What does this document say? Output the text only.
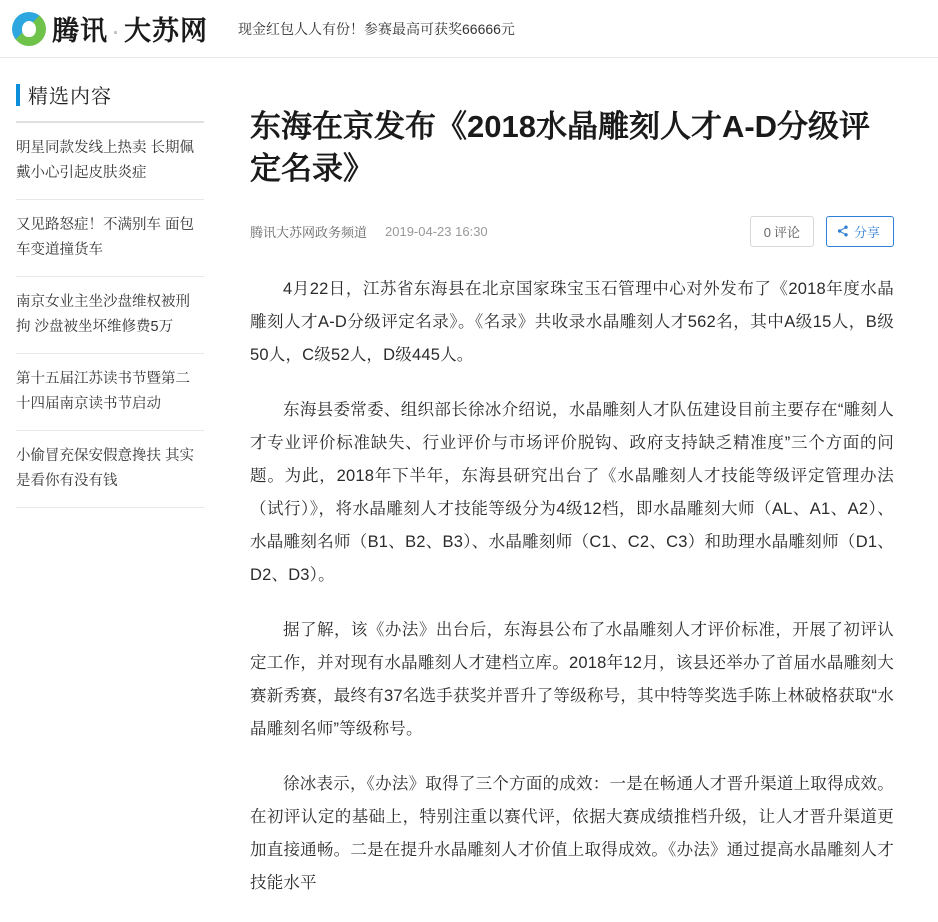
腾讯 · 大苏网 现金红包人人有份！参赛最高可获奖66666元
精选内容
明星同款发线上热卖 长期佩戴小心引起皮肤炎症
又见路怒症！不满别车 面包车变道撞货车
南京女业主坐沙盘维权被刑拘 沙盘被坐坏维修费5万
第十五届江苏读书节暨第二十四届南京读书节启动
小偷冒充保安假意搀扶 其实是看你有没有钱
东海在京发布《2018水晶雕刻人才A-D分级评定名录》
腾讯大苏网政务频道 2019-04-23 16:30	0 评论	分享

4月22日，江苏省东海县在北京国家珠宝玉石管理中心对外发布了《2018年度水晶雕刻人才A-D分级评定名录》。《名录》共收录水晶雕刻人才562名，其中A级15人，B级50人，C级52人，D级445人。

东海县委常委、组织部长徐冰介绍说，水晶雕刻人才队伍建设目前主要存在“雕刻人才专业评价标准缺失、行业评价与市场评价脱钩、政府支持缺乏精准度”三个方面的问题。为此，2018年下半年，东海县研究出台了《水晶雕刻人才技能等级评定管理办法（试行）》，将水晶雕刻人才技能等级分为4级12档，即水晶雕刻大师（AL、A1、A2）、水晶雕刻名师（B1、B2、B3）、水晶雕刻师（C1、C2、C3）和助理水晶雕刻师（D1、D2、D3）。

据了解，该《办法》出台后，东海县公布了水晶雕刻人才评价标准，开展了初评认定工作，并对现有水晶雕刻人才建档立库。2018年12月，该县还举办了首届水晶雕刻大赛新秀赛，最终有37名选手获奖并晋升了等级称号，其中特等奖选手陈上林破格获取“水晶雕刻名师”等级称号。

徐冰表示，《办法》取得了三个方面的成效：一是在畅通人才晋升渠道上取得成效。在初评认定的基础上，特别注重以赛代评，依据大赛成绩推档升级，让人才晋升渠道更加直接通畅。二是在提升水晶雕刻人才价值上取得成效。《办法》通过提高水晶雕刻人才技能水平
